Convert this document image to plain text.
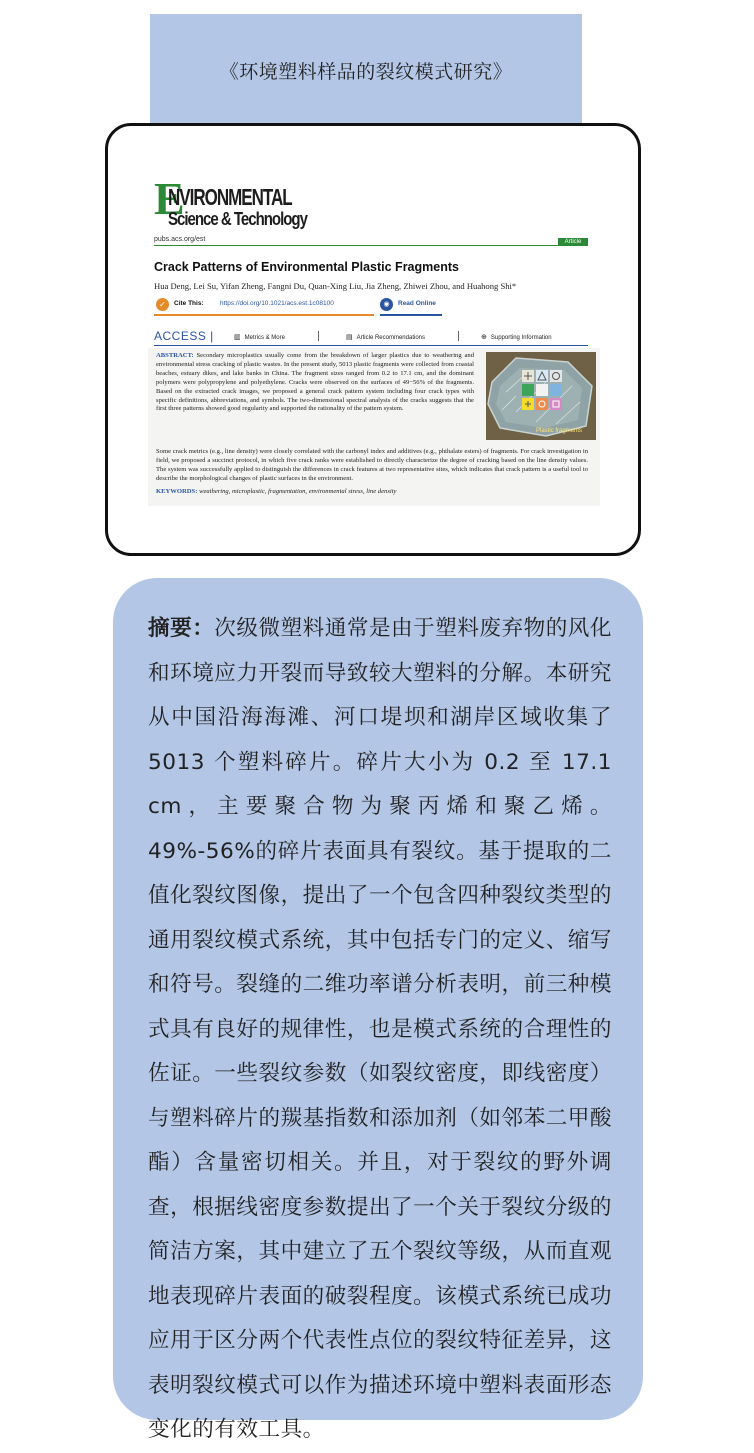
《环境塑料样品的裂纹模式研究》
E
NVIRONMENTAL
Science & Technology
pubs.acs.org/est	Article
Crack Patterns of Environmental Plastic Fragments
Hua Deng, Lei Su, Yifan Zheng, Fangni Du, Quan-Xing Liu, Jia Zheng, Zhiwei Zhou, and Huahong Shi*
✓	Cite This:	https://doi.org/10.1021/acs.est.1c08100	◉	Read Online
ACCESS |	▥ Metrics & More	▤ Article Recommendations	⊕ Supporting Information
ABSTRACT: Secondary microplastics usually come from the breakdown of larger plastics due to weathering and environmental stress cracking of plastic wastes. In the present study, 5013 plastic fragments were collected from coastal beaches, estuary dikes, and lake banks in China. The fragment sizes ranged from 0.2 to 17.1 cm, and the dominant polymers were polypropylene and polyethylene. Cracks were observed on the surfaces of 49−56% of the fragments. Based on the extracted crack images, we proposed a general crack pattern system including four crack types with specific definitions, abbreviations, and symbols. The two-dimensional spectral analysis of the cracks suggests that the first three patterns showed good regularity and supported the rationality of the pattern system.
Some crack metrics (e.g., line density) were closely correlated with the carbonyl index and additives (e.g., phthalate esters) of fragments. For crack investigation in field, we proposed a succinct protocol, in which five crack ranks were established to directly characterize the degree of cracking based on the line density values. The system was successfully applied to distinguish the differences in crack features at two representative sites, which indicates that crack pattern is a useful tool to describe the morphological changes of plastic surfaces in the environment.
KEYWORDS: weathering, microplastic, fragmentation, environmental stress, line density
Plastic fragments
摘要：次级微塑料通常是由于塑料废弃物的风化和环境应力开裂而导致较大塑料的分解。本研究从中国沿海海滩、河口堤坝和湖岸区域收集了5013 个塑料碎片。碎片大小为 0.2 至 17.1 cm，主要聚合物为聚丙烯和聚乙烯。49%-56%的碎片表面具有裂纹。基于提取的二值化裂纹图像，提出了一个包含四种裂纹类型的通用裂纹模式系统，其中包括专门的定义、缩写和符号。裂缝的二维功率谱分析表明，前三种模式具有良好的规律性，也是模式系统的合理性的佐证。一些裂纹参数（如裂纹密度，即线密度）与塑料碎片的羰基指数和添加剂（如邻苯二甲酸酯）含量密切相关。并且，对于裂纹的野外调查，根据线密度参数提出了一个关于裂纹分级的简洁方案，其中建立了五个裂纹等级，从而直观地表现碎片表面的破裂程度。该模式系统已成功应用于区分两个代表性点位的裂纹特征差异，这表明裂纹模式可以作为描述环境中塑料表面形态变化的有效工具。
